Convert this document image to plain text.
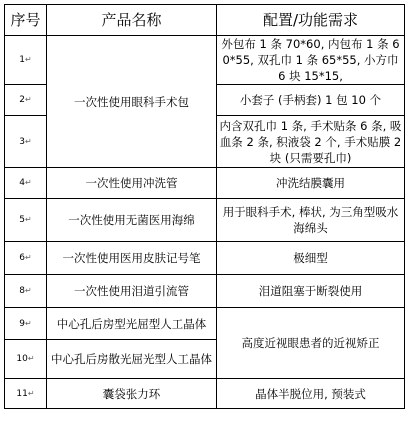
序号	产品名称	配置/功能需求
1↵	一次性使用眼科手术包	外包布 1 条 70*60, 内包布 1 条 60*55, 双孔巾 1 条 65*55, 小方巾 6 块 15*15,
2↵		小套子 (手柄套) 1 包 10 个
3↵		内含双孔巾 1 条, 手术贴条 6 条, 吸血条 2 条, 积液袋 2 个, 手术贴膜 2 块 (只需要孔巾)
4↵	一次性使用冲洗管	冲洗结膜囊用
5↵	一次性使用无菌医用海绵	用于眼科手术, 棒状, 为三角型吸水海绵头
6↵	一次性使用医用皮肤记号笔	极细型
8↵	一次性使用泪道引流管	泪道阻塞于断裂使用
9↵	中心孔后房型光屈型人工晶体	高度近视眼患者的近视矫正
10↵	中心孔后房散光屈光型人工晶体	
11↵	囊袋张力环	晶体半脱位用, 预装式
